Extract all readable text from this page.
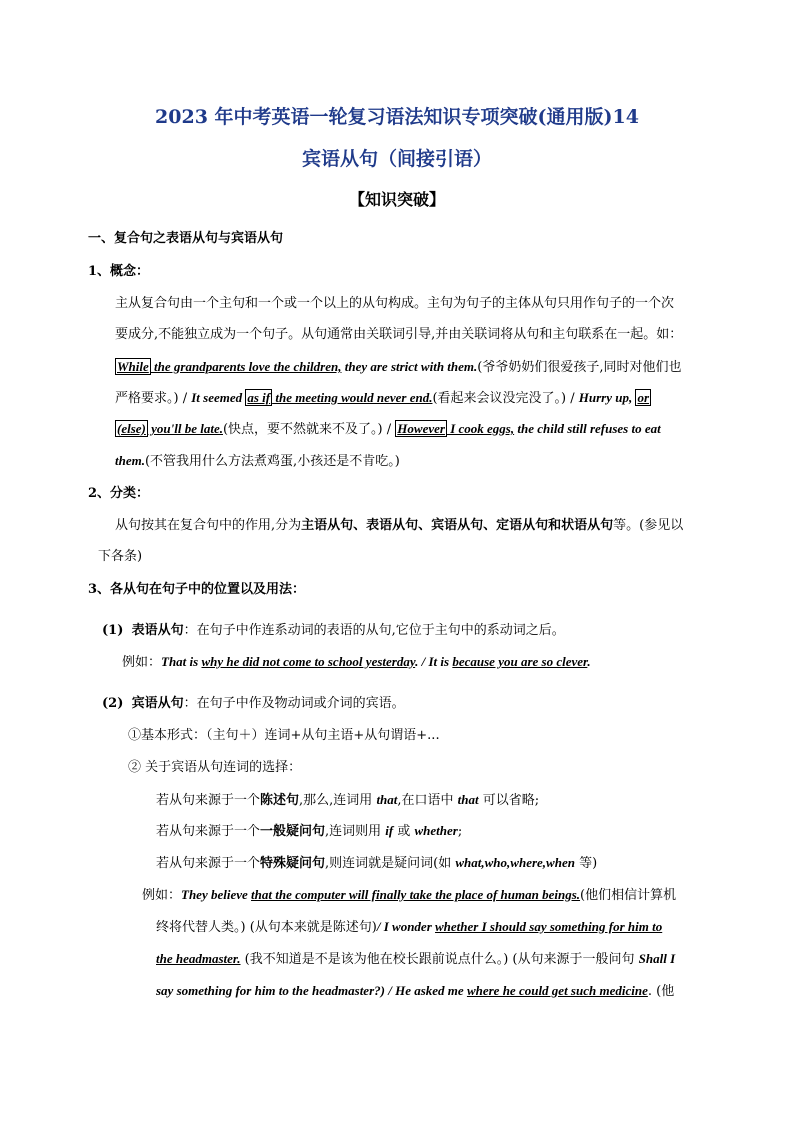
2023 年中考英语一轮复习语法知识专项突破(通用版)14
宾语从句（间接引语）
【知识突破】
一、复合句之表语从句与宾语从句
1、概念：
主从复合句由一个主句和一个或一个以上的从句构成。主句为句子的主体从句只用作句子的一个次
要成分,不能独立成为一个句子。从句通常由关联词引导,并由关联词将从句和主句联系在一起。如：
While the grandparents love the children, they are strict with them.(爷爷奶奶们很爱孩子,同时对他们也
严格要求。) / It seemed as if the meeting would never end.(看起来会议没完没了。) / Hurry up, or
(else) you'll be late.(快点，要不然就来不及了。) / However I cook eggs, the child still refuses to eat
them.(不管我用什么方法煮鸡蛋,小孩还是不肯吃。)
2、分类：
从句按其在复合句中的作用,分为主语从句、表语从句、宾语从句、定语从句和状语从句等。(参见以
下各条)
3、各从句在句子中的位置以及用法：
(1) 表语从句：在句子中作连系动词的表语的从句,它位于主句中的系动词之后。
例如：That is why he did not come to school yesterday. / It is because you are so clever.
(2) 宾语从句：在句子中作及物动词或介词的宾语。
①基本形式：（主句＋）连词+从句主语+从句谓语+...
② 关于宾语从句连词的选择：
若从句来源于一个陈述句,那么,连词用 that,在口语中 that 可以省略;
若从句来源于一个一般疑问句,连词则用 if 或 whether;
若从句来源于一个特殊疑问句,则连词就是疑问词(如 what,who,where,when 等)
例如：They believe that the computer will finally take the place of human beings.(他们相信计算机
终将代替人类。) (从句本来就是陈述句)/ I wonder whether I should say something for him to
the headmaster. (我不知道是不是该为他在校长跟前说点什么。) (从句来源于一般问句 Shall I
say something for him to the headmaster?) / He asked me where he could get such medicine. (他
